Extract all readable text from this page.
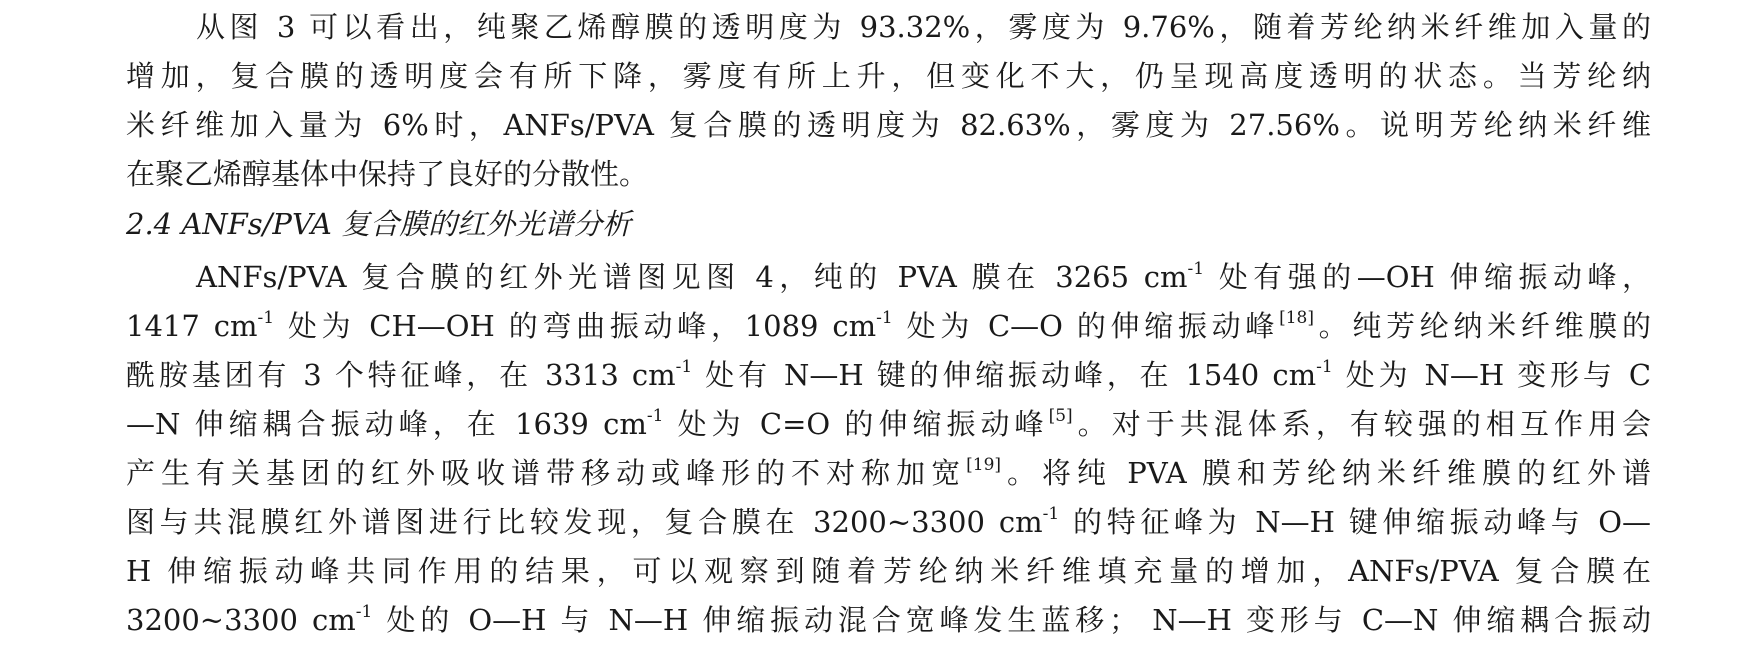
从图 3 可以看出，纯聚乙烯醇膜的透明度为 93.32%，雾度为 9.76%，随着芳纶纳米纤维加入量的
增加，复合膜的透明度会有所下降，雾度有所上升，但变化不大，仍呈现高度透明的状态。当芳纶纳
米纤维加入量为 6%时，ANFs/PVA 复合膜的透明度为 82.63%，雾度为 27.56%。说明芳纶纳米纤维
在聚乙烯醇基体中保持了良好的分散性。
2.4 ANFs/PVA 复合膜的红外光谱分析
ANFs/PVA 复合膜的红外光谱图见图 4，纯的 PVA 膜在 3265 $cm^{-1}$ 处有强的—OH 伸缩振动峰，
1417 $cm^{-1}$ 处为 CH—OH 的弯曲振动峰，1089 $cm^{-1}$ 处为 C—O 的伸缩振动峰[18]。纯芳纶纳米纤维膜的
酰胺基团有 3 个特征峰，在 3313 $cm^{-1}$ 处有 N—H 键的伸缩振动峰，在 1540 $cm^{-1}$ 处为 N—H 变形与 C
—N 伸缩耦合振动峰，在 1639 $cm^{-1}$ 处为 C=O 的伸缩振动峰[5]。对于共混体系，有较强的相互作用会
产生有关基团的红外吸收谱带移动或峰形的不对称加宽[19]。将纯 PVA 膜和芳纶纳米纤维膜的红外谱
图与共混膜红外谱图进行比较发现，复合膜在 3200~3300 $cm^{-1}$ 的特征峰为 N—H 键伸缩振动峰与 O—
H 伸缩振动峰共同作用的结果，可以观察到随着芳纶纳米纤维填充量的增加，ANFs/PVA 复合膜在
3200~3300 $cm^{-1}$ 处的 O—H 与 N—H 伸缩振动混合宽峰发生蓝移； N—H 变形与 C—N 伸缩耦合振动
